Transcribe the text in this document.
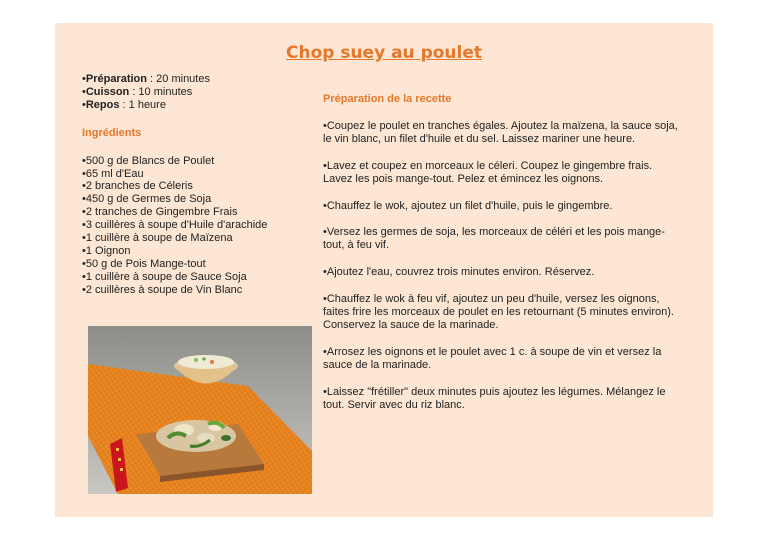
Chop suey au poulet

•Préparation : 20 minutes

•Cuisson : 10 minutes

•Repos : 1 heure

Ingrédients

•500 g de Blancs de Poulet

•65 ml d'Eau

•2 branches de Céleris

•450 g de Germes de Soja

•2 tranches de Gingembre Frais

•3 cuillères à soupe d'Huile d'arachide

•1 cuillère à soupe de Maïzena

•1 Oignon

•50 g de Pois Mange-tout

•1 cuillère à soupe de Sauce Soja

•2 cuillères à soupe de Vin Blanc

Préparation de la recette

•Coupez le poulet en tranches égales. Ajoutez la maïzena, la sauce soja, le vin blanc, un filet d'huile et du sel. Laissez mariner une heure.

•Lavez et coupez en morceaux le céleri. Coupez le gingembre frais. Lavez les pois mange-tout. Pelez et émincez les oignons.

•Chauffez le wok, ajoutez un filet d'huile, puis le gingembre.

•Versez les germes de soja, les morceaux de céléri et les pois mange-tout, à feu vif.

•Ajoutez l'eau, couvrez trois minutes environ. Réservez.

•Chauffez le wok à feu vif, ajoutez un peu d'huile, versez les oignons, faites frire les morceaux de poulet en les retournant (5 minutes environ). Conservez la sauce de la marinade.

•Arrosez les oignons et le poulet avec 1 c. à soupe de vin et versez la sauce de la marinade.

•Laissez "frétiller" deux minutes puis ajoutez les légumes. Mélangez le tout. Servir avec du riz blanc.
